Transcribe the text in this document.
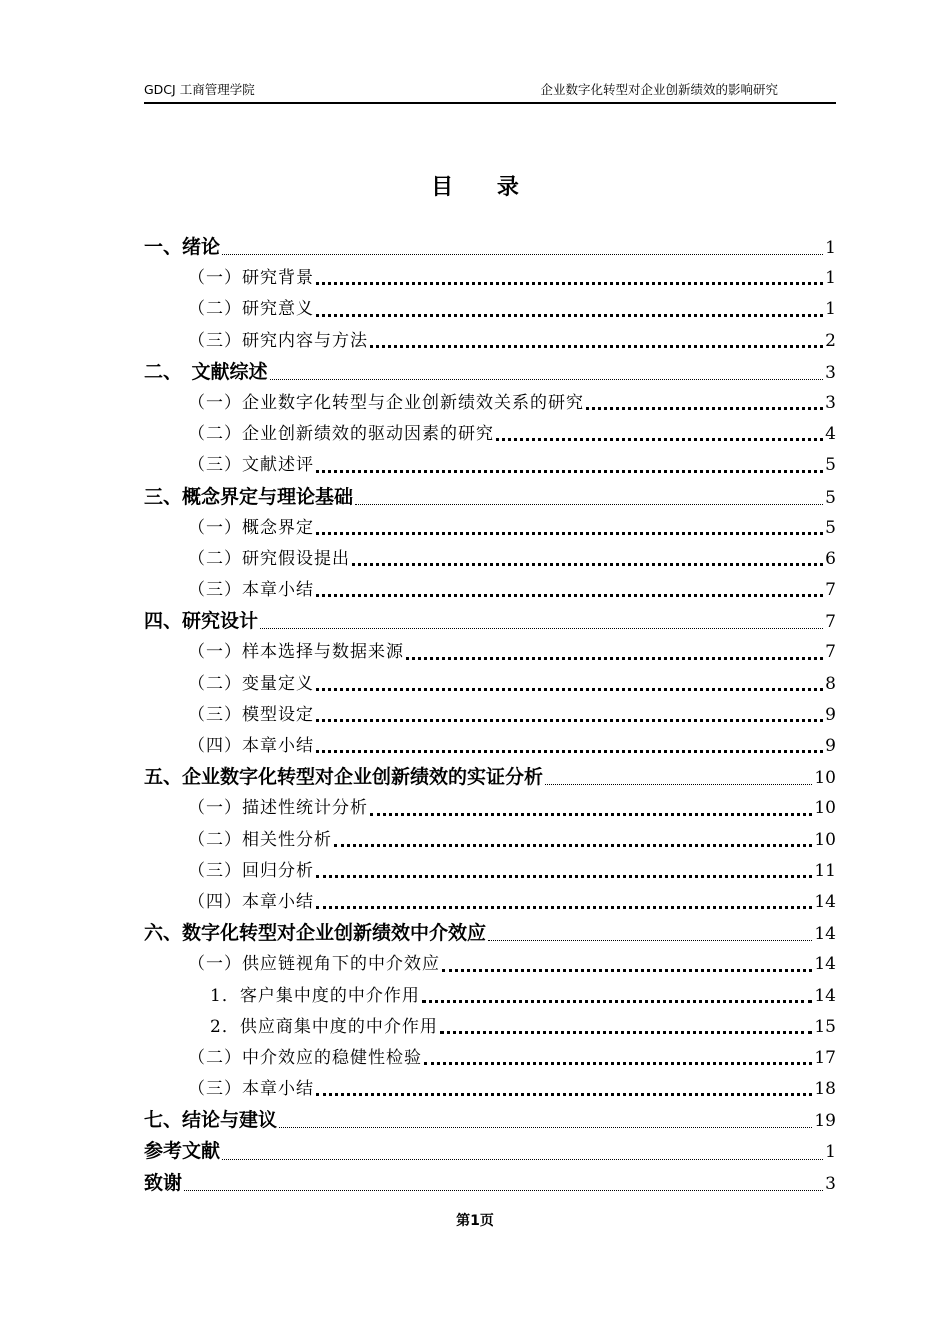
GDCJ 工商管理学院	企业数字化转型对企业创新绩效的影响研究
目 录
一、绪论	1
（一）研究背景	1
（二）研究意义	1
（三）研究内容与方法	2
二、　文献综述	3
（一）企业数字化转型与企业创新绩效关系的研究	3
（二）企业创新绩效的驱动因素的研究	4
（三）文献述评	5
三、概念界定与理论基础	5
（一）概念界定	5
（二）研究假设提出	6
（三）本章小结	7
四、研究设计	7
（一）样本选择与数据来源	7
（二）变量定义	8
（三）模型设定	9
（四）本章小结	9
五、企业数字化转型对企业创新绩效的实证分析	10
（一）描述性统计分析	10
（二）相关性分析	10
（三）回归分析	11
（四）本章小结	14
六、数字化转型对企业创新绩效中介效应	14
（一）供应链视角下的中介效应	14
1．客户集中度的中介作用	14
2．供应商集中度的中介作用	15
（二）中介效应的稳健性检验	17
（三）本章小结	18
七、结论与建议	19
参考文献	1
致谢	3
第1页
